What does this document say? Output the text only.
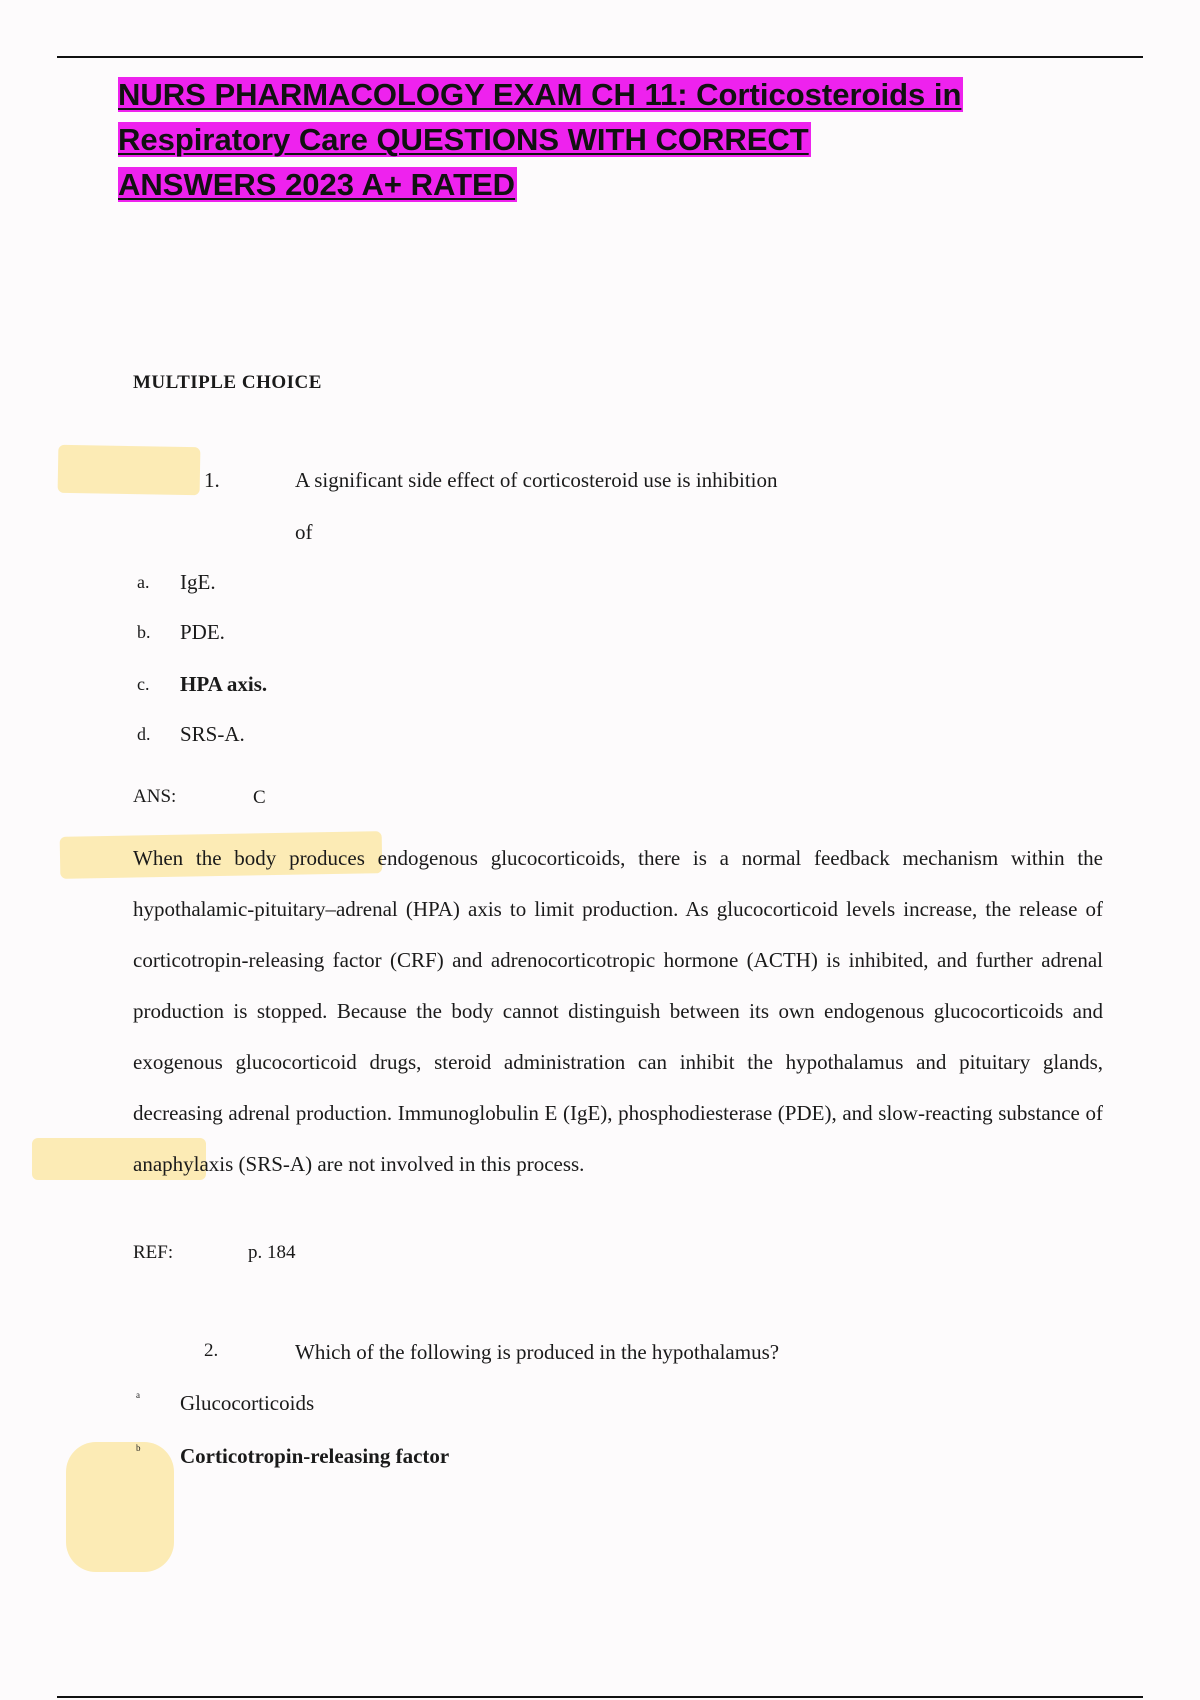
NURS PHARMACOLOGY EXAM CH 11: Corticosteroids in
Respiratory Care QUESTIONS WITH CORRECT
ANSWERS 2023 A+ RATED
MULTIPLE CHOICE
1.	A significant side effect of corticosteroid use is inhibition
of
a. IgE.
b. PDE.
c. HPA axis.
d. SRS-A.
ANS:	C

When the body produces endogenous glucocorticoids, there is a normal feedback mechanism within the hypothalamic-pituitary–adrenal (HPA) axis to limit production. As glucocorticoid levels increase, the release of corticotropin-releasing factor (CRF) and adrenocorticotropic hormone (ACTH) is inhibited, and further adrenal production is stopped. Because the body cannot distinguish between its own endogenous glucocorticoids and exogenous glucocorticoid drugs, steroid administration can inhibit the hypothalamus and pituitary glands, decreasing adrenal production. Immunoglobulin E (IgE), phosphodiesterase (PDE), and slow-reacting substance of anaphylaxis (SRS-A) are not involved in this process.

REF:	p. 184
2.	Which of the following is produced in the hypothalamus?
a Glucocorticoids
b Corticotropin-releasing factor
